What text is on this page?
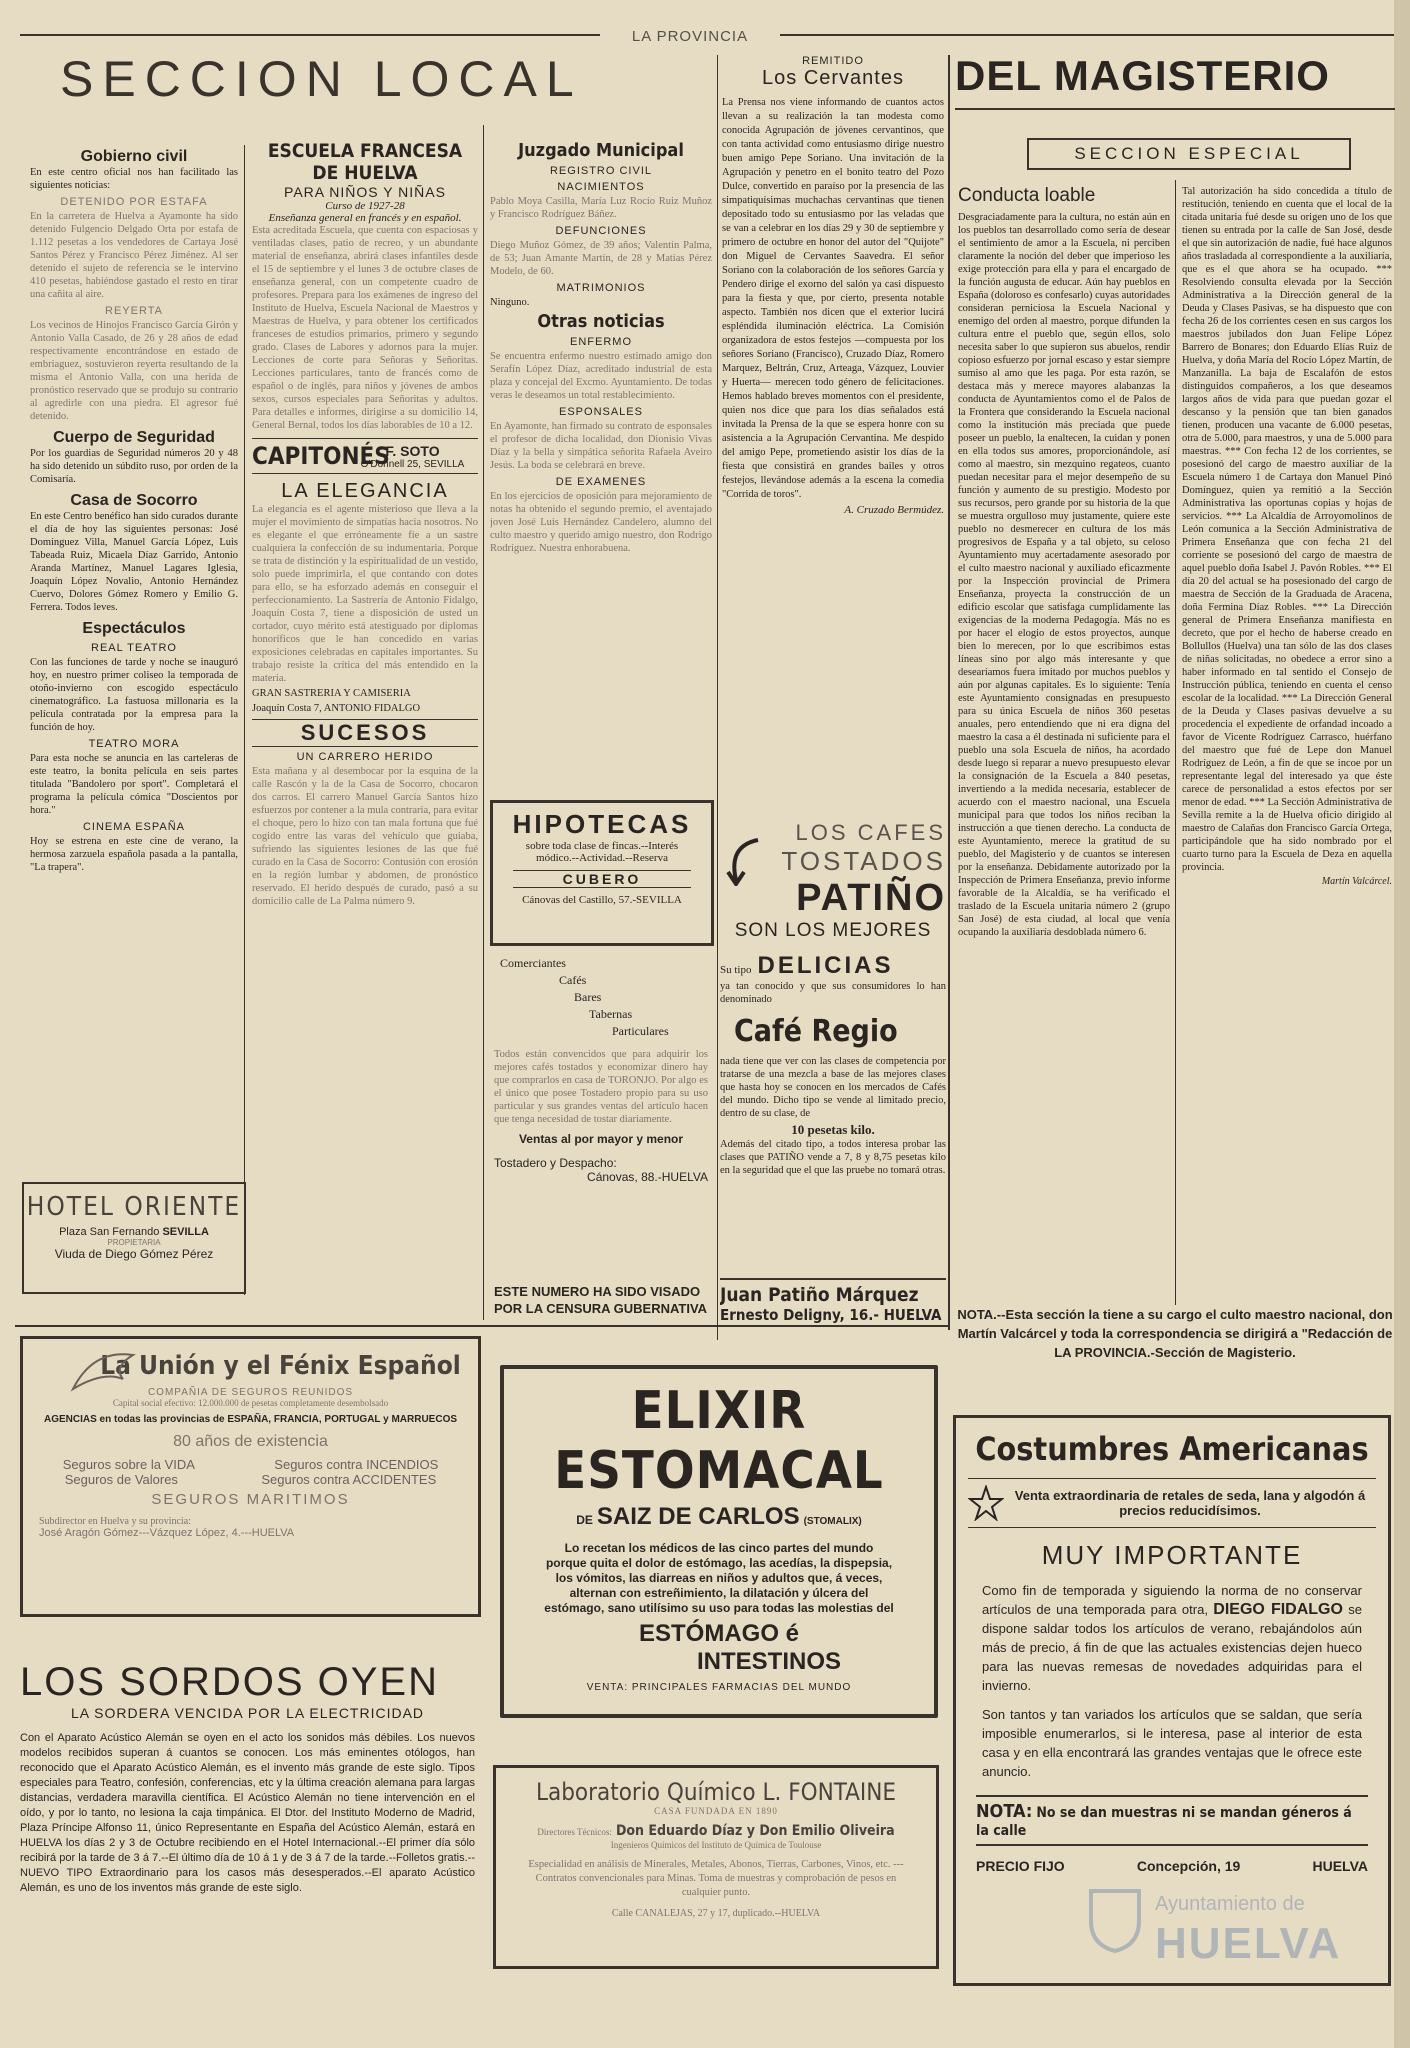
LA PROVINCIA
SECCION LOCAL
Gobierno civil

En este centro oficial nos han facilitado las siguientes noticias:

DETENIDO POR ESTAFA

En la carretera de Huelva a Ayamonte ha sido detenido Fulgencio Delgado Orta por estafa de 1.112 pesetas a los vendedores de Cartaya José Santos Pérez y Francisco Pérez Jiménez. Al ser detenido el sujeto de referencia se le intervino 410 pesetas, habiéndose gastado el resto en tirar una cañita al aire.

REYERTA

Los vecinos de Hinojos Francisco García Girón y Antonio Valla Casado, de 26 y 28 años de edad respectivamente encontrándose en estado de embriaguez, sostuvieron reyerta resultando de la misma el Antonio Valla, con una herida de pronóstico reservado que se produjo su contrario al agredirle con una piedra. El agresor fué detenido.

Cuerpo de Seguridad

Por los guardias de Seguridad números 20 y 48 ha sido detenido un súbdito ruso, por orden de la Comisaría.

Casa de Socorro

En este Centro benéfico han sido curados durante el día de hoy las siguientes personas: José Domínguez Villa, Manuel García López, Luis Tabeada Ruiz, Micaela Díaz Garrido, Antonio Aranda Martínez, Manuel Lagares Iglesia, Joaquín López Novalio, Antonio Hernández Cuervo, Dolores Gómez Romero y Emilio G. Ferrera. Todos leves.

Espectáculos
REAL TEATRO

Con las funciones de tarde y noche se inauguró hoy, en nuestro primer coliseo la temporada de otoño-invierno con escogido espectáculo cinematográfico. La fastuosa millonaria es la película contratada por la empresa para la función de hoy.

TEATRO MORA

Para esta noche se anuncia en las carteleras de este teatro, la bonita película en seis partes titulada "Bandolero por sport". Completará el programa la película cómica "Doscientos por hora."

CINEMA ESPAÑA

Hoy se estrena en este cine de verano, la hermosa zarzuela española pasada a la pantalla, "La trapera".

HOTEL ORIENTE
Plaza San Fernando SEVILLA
PROPIETARIA
Viuda de Diego Gómez Pérez
ESCUELA FRANCESA DE HUELVA
PARA NIÑOS Y NIÑAS
Curso de 1927-28
Enseñanza general en francés y en español.

Esta acreditada Escuela, que cuenta con espaciosas y ventiladas clases, patio de recreo, y un abundante material de enseñanza, abrirá clases infantiles desde el 15 de septiembre y el lunes 3 de octubre clases de enseñanza general, con un competente cuadro de profesores. Prepara para los exámenes de ingreso del Instituto de Huelva, Escuela Nacional de Maestros y Maestras de Huelva, y para obtener los certificados franceses de estudios primarios, primero y segundo grado. Clases de Labores y adornos para la mujer. Lecciones de corte para Señoras y Señoritas. Lecciones particulares, tanto de francés como de español o de inglés, para niños y jóvenes de ambos sexos, cursos especiales para Señoritas y adultos. Para detalles e informes, dirigirse a su domicilio 14, General Bernal, todos los días laborables de 10 a 12.

CAPITONÉS
F. SOTO
O'Donnell 25, SEVILLA
LA ELEGANCIA

La elegancia es el agente misterioso que lleva a la mujer el movimiento de simpatías hacia nosotros. No es elegante el que erróneamente fíe a un sastre cualquiera la confección de su indumentaria. Porque se trata de distinción y la espiritualidad de un vestido, solo puede imprimirla, el que contando con dotes para ello, se ha esforzado además en conseguir el perfeccionamiento. La Sastrería de Antonio Fidalgo, Joaquín Costa 7, tiene a disposición de usted un cortador, cuyo mérito está atestiguado por diplomas honoríficos que le han concedido en varias exposiciones celebradas en capitales importantes. Su trabajo resiste la crítica del más entendido en la materia.

GRAN SASTRERIA Y CAMISERIA
Joaquín Costa 7, ANTONIO FIDALGO
SUCESOS
UN CARRERO HERIDO

Esta mañana y al desembocar por la esquina de la calle Rascón y la de la Casa de Socorro, chocaron dos carros. El carrero Manuel García Santos hizo esfuerzos por contener a la mula contraria, para evitar el choque, pero lo hizo con tan mala fortuna que fué cogido entre las varas del vehículo que guiaba, sufriendo las siguientes lesiones de las que fué curado en la Casa de Socorro: Contusión con erosión en la región lumbar y abdomen, de pronóstico reservado. El herido después de curado, pasó a su domicilio calle de La Palma número 9.

Juzgado Municipal
REGISTRO CIVIL
NACIMIENTOS

Pablo Moya Casilla, María Luz Rocío Ruiz Muñoz y Francisco Rodríguez Báñez.

DEFUNCIONES

Diego Muñoz Gómez, de 39 años; Valentín Palma, de 53; Juan Amante Martín, de 28 y Matías Pérez Modelo, de 60.

MATRIMONIOS

Ninguno.

Otras noticias
ENFERMO

Se encuentra enfermo nuestro estimado amigo don Serafín López Díaz, acreditado industrial de esta plaza y concejal del Excmo. Ayuntamiento. De todas veras le deseamos un total restablecimiento.

ESPONSALES

En Ayamonte, han firmado su contrato de esponsales el profesor de dicha localidad, don Dionisio Vivas Díaz y la bella y simpática señorita Rafaela Aveiro Jesús. La boda se celebrará en breve.

DE EXAMENES

En los ejercicios de oposición para mejoramiento de notas ha obtenido el segundo premio, el aventajado joven José Luis Hernández Candelero, alumno del culto maestro y querido amigo nuestro, don Rodrigo Rodríguez. Nuestra enhorabuena.

HIPOTECAS
sobre toda clase de fincas.--Interés
módico.--Actividad.--Reserva
CUBERO
Cánovas del Castillo, 57.-SEVILLA
Comerciantes
Cafés
Bares
Tabernas
Particulares

Todos están convencidos que para adquirir los mejores cafés tostados y economizar dinero hay que comprarlos en casa de TORONJO. Por algo es el único que posee Tostadero propio para su uso particular y sus grandes ventas del artículo hacen que tenga necesidad de tostar diariamente.

Ventas al por mayor y menor
Tostadero y Despacho:
Cánovas, 88.-HUELVA
ESTE NUMERO HA SIDO VISADO POR LA CENSURA GUBERNATIVA
REMITIDO
Los Cervantes

La Prensa nos viene informando de cuantos actos llevan a su realización la tan modesta como conocida Agrupación de jóvenes cervantinos, que con tanta actividad como entusiasmo dirige nuestro buen amigo Pepe Soriano. Una invitación de la Agrupación y penetro en el bonito teatro del Pozo Dulce, convertido en paraíso por la presencia de las simpatiquísimas muchachas cervantinas que tienen depositado todo su entusiasmo por las veladas que se van a celebrar en los días 29 y 30 de septiembre y primero de octubre en honor del autor del "Quijote" don Miguel de Cervantes Saavedra. El señor Soriano con la colaboración de los señores García y Pendero dirige el exorno del salón ya casi dispuesto para la fiesta y que, por cierto, presenta notable aspecto. También nos dicen que el exterior lucirá espléndida iluminación eléctrica. La Comisión organizadora de estos festejos —compuesta por los señores Soriano (Francisco), Cruzado Díaz, Romero Marquez, Beltrán, Cruz, Arteaga, Vázquez, Louvier y Huerta— merecen todo género de felicitaciones. Hemos hablado breves momentos con el presidente, quien nos dice que para los días señalados está invitada la Prensa de la que se espera honre con su asistencia a la Agrupación Cervantina. Me despido del amigo Pepe, prometiendo asistir los días de la fiesta que consistirá en grandes bailes y otros festejos, llevándose además a la escena la comedia "Corrida de toros".

A. Cruzado Bermúdez.
LOS CAFES
TOSTADOS
PATIÑO
SON LOS MEJORES
Su tipo DELICIAS

ya tan conocido y que sus consumidores lo han denominado

Café Regio

nada tiene que ver con las clases de competencia por tratarse de una mezcla a base de las mejores clases que hasta hoy se conocen en los mercados de Cafés del mundo. Dicho tipo se vende al limitado precio, dentro de su clase, de

10 pesetas kilo.

Además del citado tipo, a todos interesa probar las clases que PATIÑO vende a 7, 8 y 8,75 pesetas kilo en la seguridad que el que las pruebe no tomará otras.

Juan Patiño Márquez
Ernesto Deligny, 16.- HUELVA
DEL MAGISTERIO
SECCION ESPECIAL
Conducta loable

Desgraciadamente para la cultura, no están aún en los pueblos tan desarrollado como sería de desear el sentimiento de amor a la Escuela, ni perciben claramente la noción del deber que imperioso les exige protección para ella y para el encargado de la función augusta de educar. Aún hay pueblos en España (doloroso es confesarlo) cuyas autoridades consideran perniciosa la Escuela Nacional y enemigo del orden al maestro, porque difunden la cultura entre el pueblo que, según ellos, solo necesita saber lo que supieron sus abuelos, rendir copioso esfuerzo por jornal escaso y estar siempre sumiso al amo que les paga. Por esta razón, se destaca más y merece mayores alabanzas la conducta de Ayuntamientos como el de Palos de la Frontera que considerando la Escuela nacional como la institución más preciada que puede poseer un pueblo, la enaltecen, la cuidan y ponen en ella todos sus amores, proporcionándole, así como al maestro, sin mezquino regateos, cuanto puedan necesitar para el mejor desempeño de su función y aumento de su prestigio. Modesto por sus recursos, pero grande por su historia de la que se muestra orgulloso muy justamente, quiere este pueblo no desmerecer en cultura de los más progresivos de España y a tal objeto, su celoso Ayuntamiento muy acertadamente asesorado por el culto maestro nacional y auxiliado eficazmente por la Inspección provincial de Primera Enseñanza, proyecta la construcción de un edificio escolar que satisfaga cumplidamente las exigencias de la moderna Pedagogía. Más no es por hacer el elogio de estos proyectos, aunque bien lo merecen, por lo que escribimos estas líneas sino por algo más interesante y que desearíamos fuera imitado por muchos pueblos y aún por algunas capitales. Es lo siguiente: Tenía este Ayuntamiento consignadas en presupuesto para su única Escuela de niños 360 pesetas anuales, pero entendiendo que ni era digna del maestro la casa a él destinada ni suficiente para el pueblo una sola Escuela de niños, ha acordado desde luego si reparar a nuevo presupuesto elevar la consignación de la Escuela a 840 pesetas, invertiendo a la medida necesaria, establecer de acuerdo con el maestro nacional, una Escuela municipal para que todos los niños reciban la instrucción a que tienen derecho. La conducta de este Ayuntamiento, merece la gratitud de su pueblo, del Magisterio y de cuantos se interesen por la enseñanza. Debidamente autorizado por la Inspección de Primera Enseñanza, previo informe favorable de la Alcaldía, se ha verificado el traslado de la Escuela unitaria número 2 (grupo San José) de esta ciudad, al local que venía ocupando la auxiliaría desdoblada número 6.

Tal autorización ha sido concedida a título de restitución, teniendo en cuenta que el local de la citada unitaria fué desde su origen uno de los que tienen su entrada por la calle de San José, desde el que sin autorización de nadie, fué hace algunos años trasladada al correspondiente a la auxiliaría, que es el que ahora se ha ocupado. *** Resolviendo consulta elevada por la Sección Administrativa a la Dirección general de la Deuda y Clases Pasivas, se ha dispuesto que con fecha 26 de los corrientes cesen en sus cargos los maestros jubilados don Juan Felipe López Barrero de Bonares; don Eduardo Elías Ruiz de Huelva, y doña María del Rocío López Martín, de Manzanilla. La baja de Escalafón de estos distinguidos compañeros, a los que deseamos largos años de vida para que puedan gozar el descanso y la pensión que tan bien ganados tienen, producen una vacante de 6.000 pesetas, otra de 5.000, para maestros, y una de 5.000 para maestras. *** Con fecha 12 de los corrientes, se posesionó del cargo de maestro auxiliar de la Escuela número 1 de Cartaya don Manuel Pinó Domínguez, quien ya remitió a la Sección Administrativa las oportunas copias y hojas de servicios. *** La Alcaldía de Arroyomolinos de León comunica a la Sección Administrativa de Primera Enseñanza que con fecha 21 del corriente se posesionó del cargo de maestra de aquel pueblo doña Isabel J. Pavón Robles. *** El día 20 del actual se ha posesionado del cargo de maestra de Sección de la Graduada de Aracena, doña Fermina Díaz Robles. *** La Dirección general de Primera Enseñanza manifiesta en decreto, que por el hecho de haberse creado en Bollullos (Huelva) una tan sólo de las dos clases de niñas solicitadas, no obedece a error sino a haber informado en tal sentido el Consejo de Instrucción pública, teniendo en cuenta el censo escolar de la localidad. *** La Dirección General de la Deuda y Clases pasivas devuelve a su procedencia el expediente de orfandad incoado a favor de Vicente Rodríguez Carrasco, huérfano del maestro que fué de Lepe don Manuel Rodríguez de León, a fin de que se incoe por un representante legal del interesado ya que éste carece de personalidad a estos efectos por ser menor de edad. *** La Sección Administrativa de Sevilla remite a la de Huelva oficio dirigido al maestro de Calañas don Francisco García Ortega, participándole que ha sido nombrado por el cuarto turno para la Escuela de Deza en aquella provincia.

Martín Valcárcel.
NOTA.--Esta sección la tiene a su cargo el culto maestro nacional, don Martín Valcárcel y toda la correspondencia se dirigirá a "Redacción de LA PROVINCIA.-Sección de Magisterio.
La Unión y el Fénix Español
COMPAÑIA DE SEGUROS REUNIDOS
Capital social efectivo: 12.000.000 de pesetas completamente desembolsado
AGENCIAS en todas las provincias de ESPAÑA, FRANCIA, PORTUGAL y MARRUECOS
80 años de existencia
Seguros sobre la VIDA	Seguros contra INCENDIOS
Seguros de Valores	Seguros contra ACCIDENTES
SEGUROS MARITIMOS
Subdirector en Huelva y su provincia:
José Aragón Gómez---Vázquez López, 4.---HUELVA
LOS SORDOS OYEN
LA SORDERA VENCIDA POR LA ELECTRICIDAD

Con el Aparato Acústico Alemán se oyen en el acto los sonidos más débiles. Los nuevos modelos recibidos superan á cuantos se conocen. Los más eminentes otólogos, han reconocido que el Aparato Acústico Alemán, es el invento más grande de este siglo. Tipos especiales para Teatro, confesión, conferencias, etc y la última creación alemana para largas distancias, verdadera maravilla científica. El Acústico Alemán no tiene intervención en el oído, y por lo tanto, no lesiona la caja timpánica. El Dtor. del Instituto Moderno de Madrid, Plaza Príncipe Alfonso 11, único Representante en España del Acústico Alemán, estará en HUELVA los días 2 y 3 de Octubre recibiendo en el Hotel Internacional.--El primer día sólo recibirá por la tarde de 3 á 7.--El último día de 10 á 1 y de 3 á 7 de la tarde.--Folletos gratis.--NUEVO TIPO Extraordinario para los casos más desesperados.--El aparato Acústico Alemán, es uno de los inventos más grande de este siglo.

ELIXIR ESTOMACAL
DE SAIZ DE CARLOS (STOMALIX)

Lo recetan los médicos de las cinco partes del mundo porque quita el dolor de estómago, las acedías, la dispepsia, los vómitos, las diarreas en niños y adultos que, á veces, alternan con estreñimiento, la dilatación y úlcera del estómago, sano utilísimo su uso para todas las molestias del

ESTÓMAGO é
INTESTINOS
VENTA: PRINCIPALES FARMACIAS DEL MUNDO
Laboratorio Químico L. FONTAINE
CASA FUNDADA EN 1890
Directores Técnicos: Don Eduardo Díaz y Don Emilio Oliveira
Ingenieros Químicos del Instituto de Química de Toulouse

Especialidad en análisis de Minerales, Metales, Abonos, Tierras, Carbones, Vinos, etc. --- Contratos convencionales para Minas. Toma de muestras y comprobación de pesos en cualquier punto.

Calle CANALEJAS, 27 y 17, duplicado.--HUELVA
Costumbres Americanas
Venta extraordinaria de retales de seda, lana y algodón á precios reducidísimos.
MUY IMPORTANTE
Como fin de temporada y siguiendo la norma de no conservar artículos de una temporada para otra, DIEGO FIDALGO se dispone saldar todos los artículos de verano, rebajándolos aún más de precio, á fin de que las actuales existencias dejen hueco para las nuevas remesas de novedades adquiridas para el invierno.

Son tantos y tan variados los artículos que se saldan, que sería imposible enumerarlos, si le interesa, pase al interior de esta casa y en ella encontrará las grandes ventajas que le ofrece este anuncio.

NOTA: No se dan muestras ni se mandan géneros á la calle
PRECIO FIJO	Concepción, 19	HUELVA
Ayuntamiento de
HUELVA
